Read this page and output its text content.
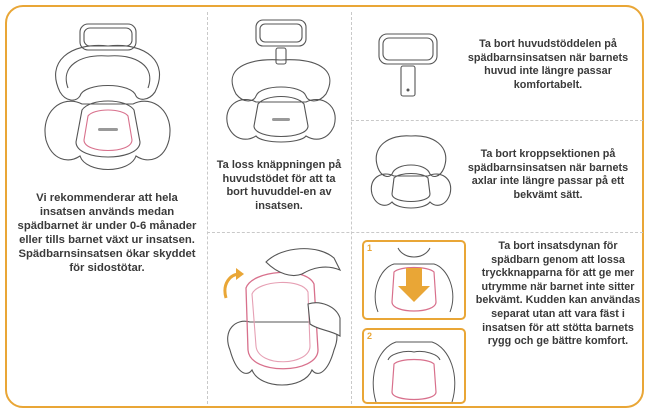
Vi rekommenderar att hela insatsen används medan spädbarnet är under 0-6 månader eller tills barnet växt ur insatsen. Spädbarnsinsatsen ökar skyddet för sidostötar.
Ta loss knäppningen på huvudstödet för att ta bort huvuddel-en av insatsen.
Ta bort huvudstöddelen på spädbarnsinsatsen när barnets huvud inte längre passar komfortabelt.
Ta bort kroppsektionen på spädbarnsinsatsen när barnets axlar inte längre passar på ett bekvämt sätt.
1
2
Ta bort insatsdynan för spädbarn genom att lossa tryckknapparna för att ge mer utrymme när barnet inte sitter bekvämt. Kudden kan användas separat utan att vara fäst i insatsen för att stötta barnets rygg och ge bättre komfort.
